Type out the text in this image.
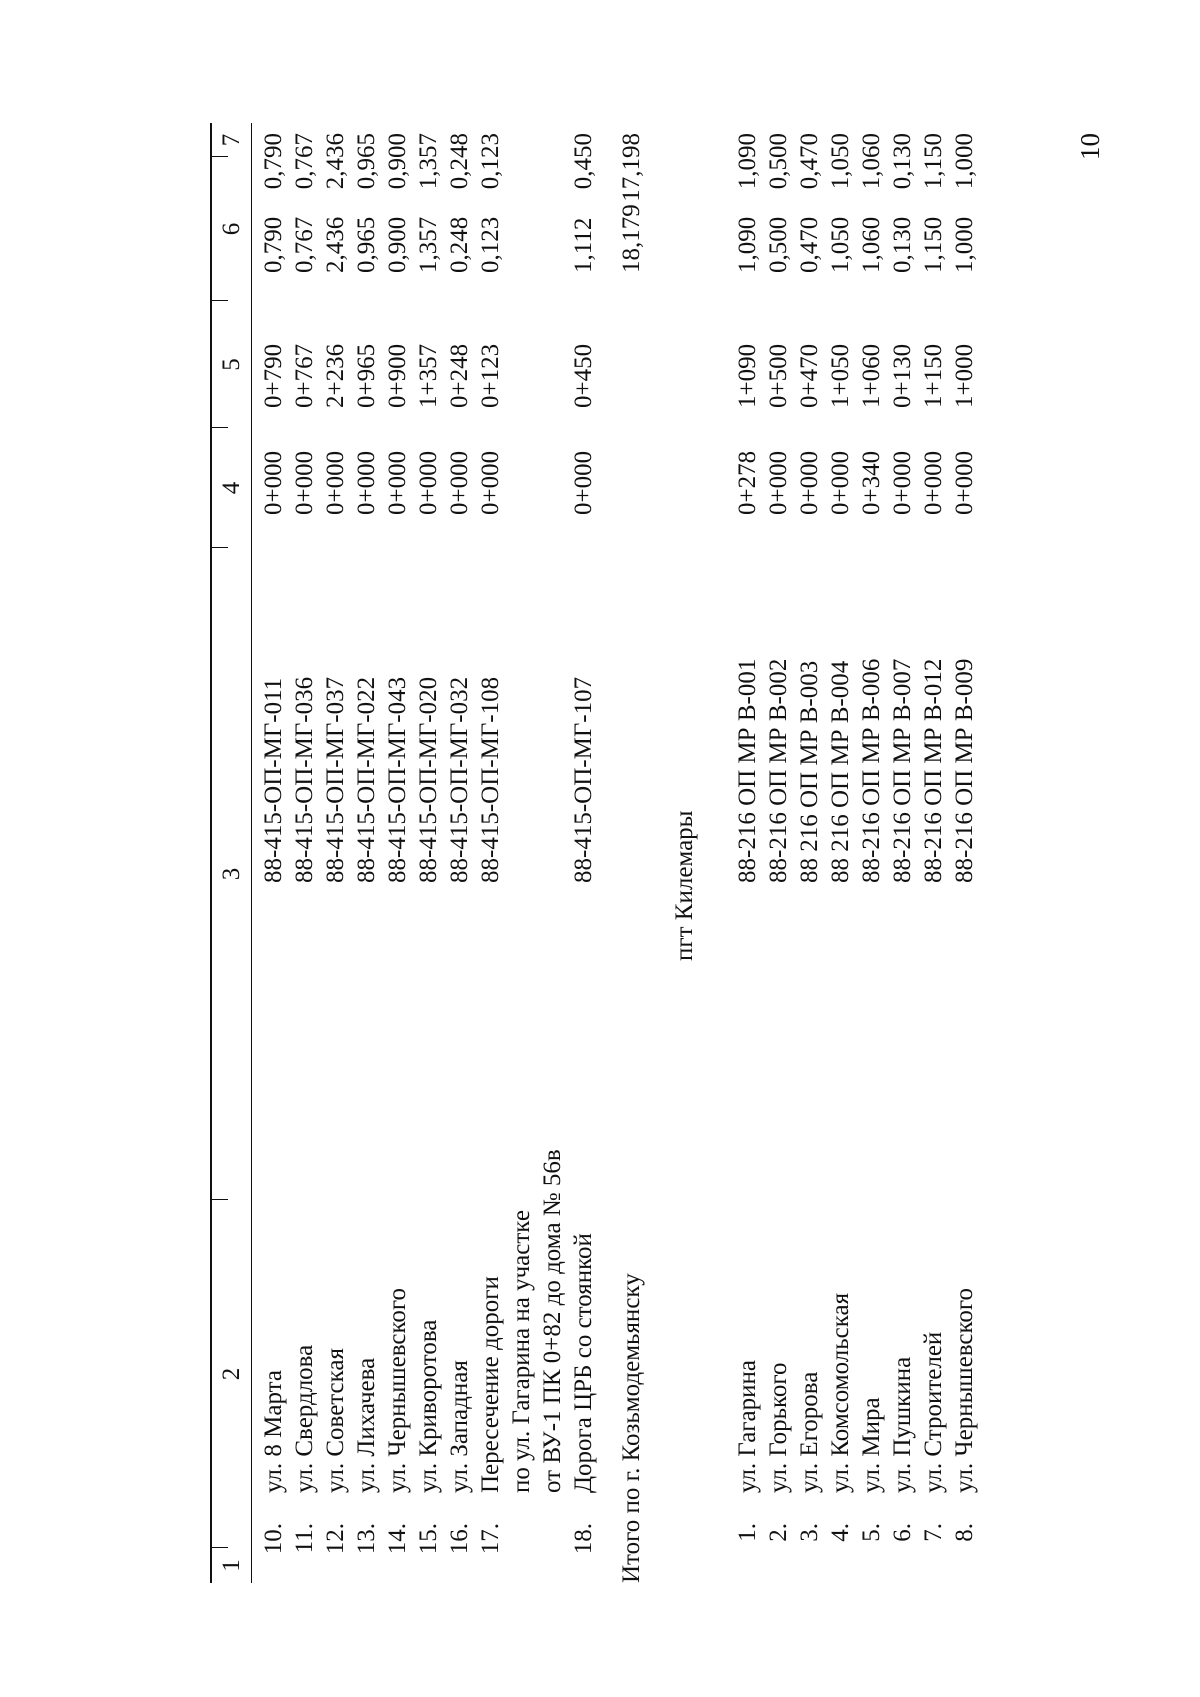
10
1
2
3
4
5
6
7
10.
ул. 8 Марта
88-415-ОП-МГ-011
0+000
0+790
0,790
0,790
11.
ул. Свердлова
88-415-ОП-МГ-036
0+000
0+767
0,767
0,767
12.
ул. Советская
88-415-ОП-МГ-037
0+000
2+236
2,436
2,436
13.
ул. Лихачева
88-415-ОП-МГ-022
0+000
0+965
0,965
0,965
14.
ул. Чернышевского
88-415-ОП-МГ-043
0+000
0+900
0,900
0,900
15.
ул. Криворотова
88-415-ОП-МГ-020
0+000
1+357
1,357
1,357
16.
ул. Западная
88-415-ОП-МГ-032
0+000
0+248
0,248
0,248
17.
Пересечение дороги по ул. Гагарина на участке от ВУ-1 ПК 0+82 до дома № 56в
88-415-ОП-МГ-108
0+000
0+123
0,123
0,123
18.
Дорога ЦРБ со стоянкой
88-415-ОП-МГ-107
0+000
0+450
1,112
0,450
Итого по г. Козьмодемьянску
18,179
17,198
пгт Килемары
1.
ул. Гагарина
88-216 ОП МР В-001
0+278
1+090
1,090
1,090
2.
ул. Горького
88-216 ОП МР В-002
0+000
0+500
0,500
0,500
3.
ул. Егорова
88 216 ОП МР В-003
0+000
0+470
0,470
0,470
4.
ул. Комсомольская
88 216 ОП МР В-004
0+000
1+050
1,050
1,050
5.
ул. Мира
88-216 ОП МР В-006
0+340
1+060
1,060
1,060
6.
ул. Пушкина
88-216 ОП МР В-007
0+000
0+130
0,130
0,130
7.
ул. Строителей
88-216 ОП МР В-012
0+000
1+150
1,150
1,150
8.
ул. Чернышевского
88-216 ОП МР В-009
0+000
1+000
1,000
1,000
